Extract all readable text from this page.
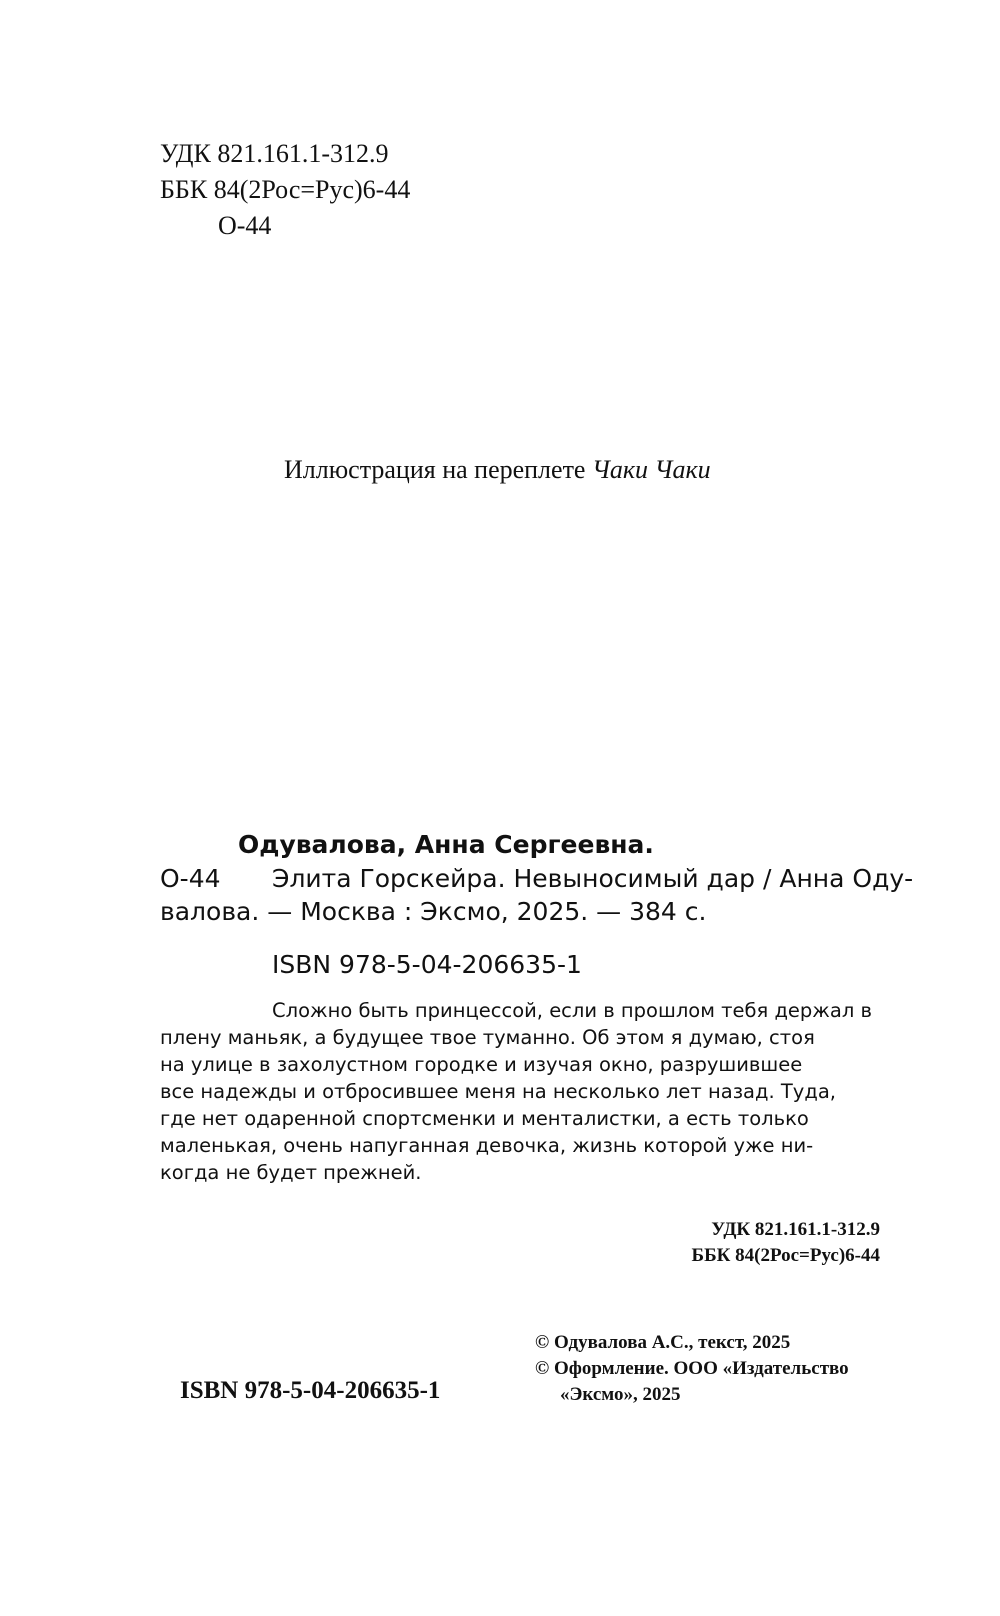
УДК 821.161.1-312.9
ББК 84(2Рос=Рус)6-44
О-44
Иллюстрация на переплете Чаки Чаки
Одувалова, Анна Сергеевна.
О-44 Элита Горскейра. Невыносимый дар / Анна Оду-
валова. — Москва : Эксмо, 2025. — 384 с.
ISBN 978-5-04-206635-1
Сложно быть принцессой, если в прошлом тебя держал в
плену маньяк, а будущее твое туманно. Об этом я думаю, стоя
на улице в захолустном городке и изучая окно, разрушившее
все надежды и отбросившее меня на несколько лет назад. Туда,
где нет одаренной спортсменки и менталистки, а есть только
маленькая, очень напуганная девочка, жизнь которой уже ни-
когда не будет прежней.
УДК 821.161.1-312.9
ББК 84(2Рос=Рус)6-44
ISBN 978-5-04-206635-1
© Одувалова А.С., текст, 2025
© Оформление. ООО «Издательство
«Эксмо», 2025
